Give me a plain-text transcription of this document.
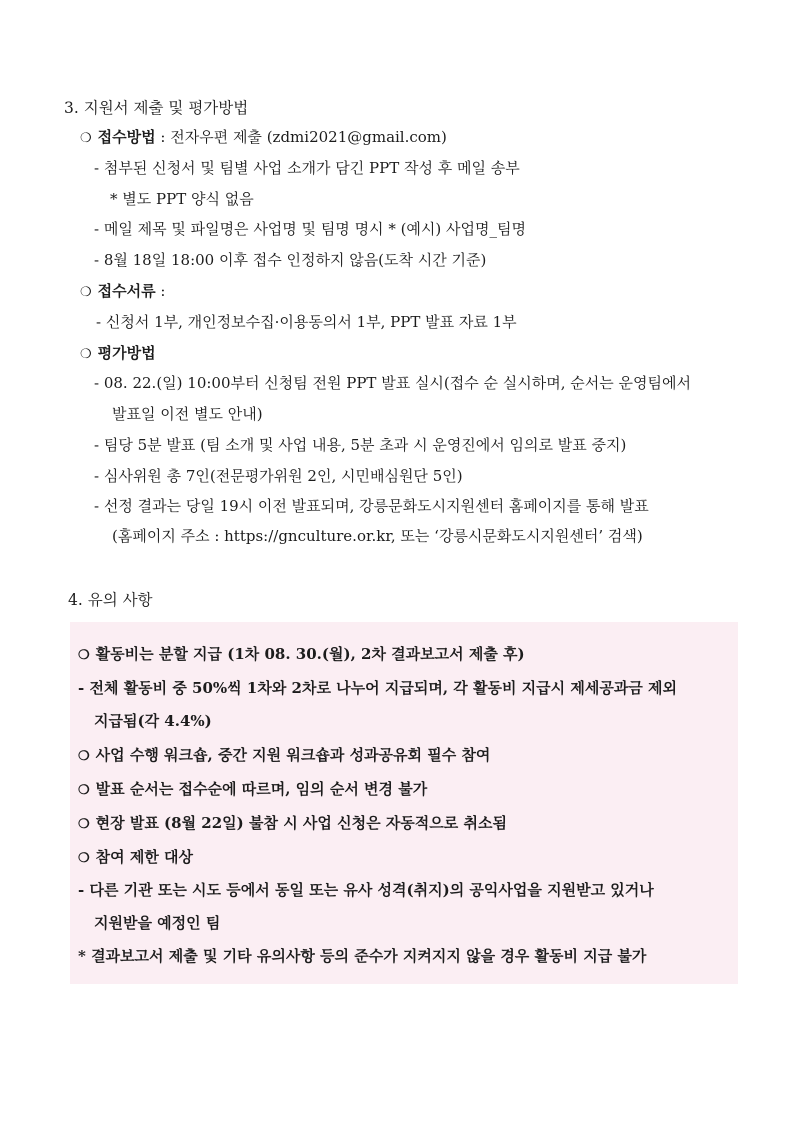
3. 지원서 제출 및 평가방법
❍ 접수방법 : 전자우편 제출 (zdmi2021@gmail.com)
- 첨부된 신청서 및 팀별 사업 소개가 담긴 PPT 작성 후 메일 송부
* 별도 PPT 양식 없음
- 메일 제목 및 파일명은 사업명 및 팀명 명시 * (예시) 사업명_팀명
- 8월 18일 18:00 이후 접수 인정하지 않음(도착 시간 기준)
❍ 접수서류 :
- 신청서 1부, 개인정보수집·이용동의서 1부, PPT 발표 자료 1부
❍ 평가방법
- 08. 22.(일) 10:00부터 신청팀 전원 PPT 발표 실시(접수 순 실시하며, 순서는 운영팀에서
발표일 이전 별도 안내)
- 팀당 5분 발표 (팀 소개 및 사업 내용, 5분 초과 시 운영진에서 임의로 발표 중지)
- 심사위원 총 7인(전문평가위원 2인, 시민배심원단 5인)
- 선정 결과는 당일 19시 이전 발표되며, 강릉문화도시지원센터 홈페이지를 통해 발표
(홈페이지 주소 : https://gnculture.or.kr, 또는 ‘강릉시문화도시지원센터’ 검색)
4. 유의 사항
❍ 활동비는 분할 지급 (1차 08. 30.(월), 2차 결과보고서 제출 후)
- 전체 활동비 중 50%씩 1차와 2차로 나누어 지급되며, 각 활동비 지급시 제세공과금 제외
지급됨(각 4.4%)
❍ 사업 수행 워크숍, 중간 지원 워크숍과 성과공유회 필수 참여
❍ 발표 순서는 접수순에 따르며, 임의 순서 변경 불가
❍ 현장 발표 (8월 22일) 불참 시 사업 신청은 자동적으로 취소됨
❍ 참여 제한 대상
- 다른 기관 또는 시도 등에서 동일 또는 유사 성격(취지)의 공익사업을 지원받고 있거나
지원받을 예정인 팀
* 결과보고서 제출 및 기타 유의사항 등의 준수가 지켜지지 않을 경우 활동비 지급 불가
